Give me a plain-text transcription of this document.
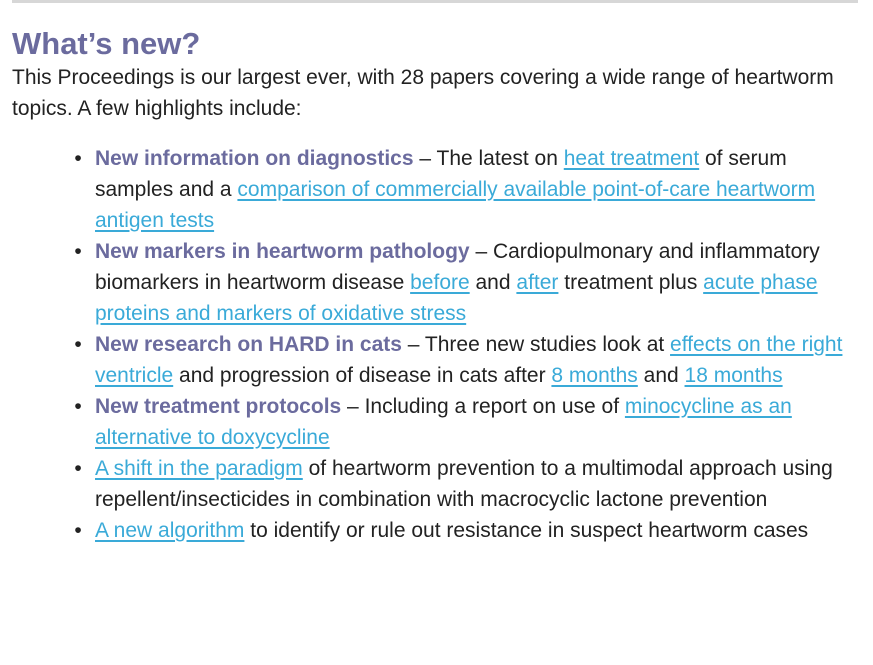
What’s new?

This Proceedings is our largest ever, with 28 papers covering a wide range of heartworm topics. A few highlights include:

• New information on diagnostics – The latest on heat treatment of serum samples and a comparison of commercially available point-of-care heartworm antigen tests
• New markers in heartworm pathology – Cardiopulmonary and inflammatory biomarkers in heartworm disease before and after treatment plus acute phase proteins and markers of oxidative stress
• New research on HARD in cats – Three new studies look at effects on the right ventricle and progression of disease in cats after 8 months and 18 months
• New treatment protocols – Including a report on use of minocycline as an alternative to doxycycline
• A shift in the paradigm of heartworm prevention to a multimodal approach using repellent/insecticides in combination with macrocyclic lactone prevention
• A new algorithm to identify or rule out resistance in suspect heartworm cases
